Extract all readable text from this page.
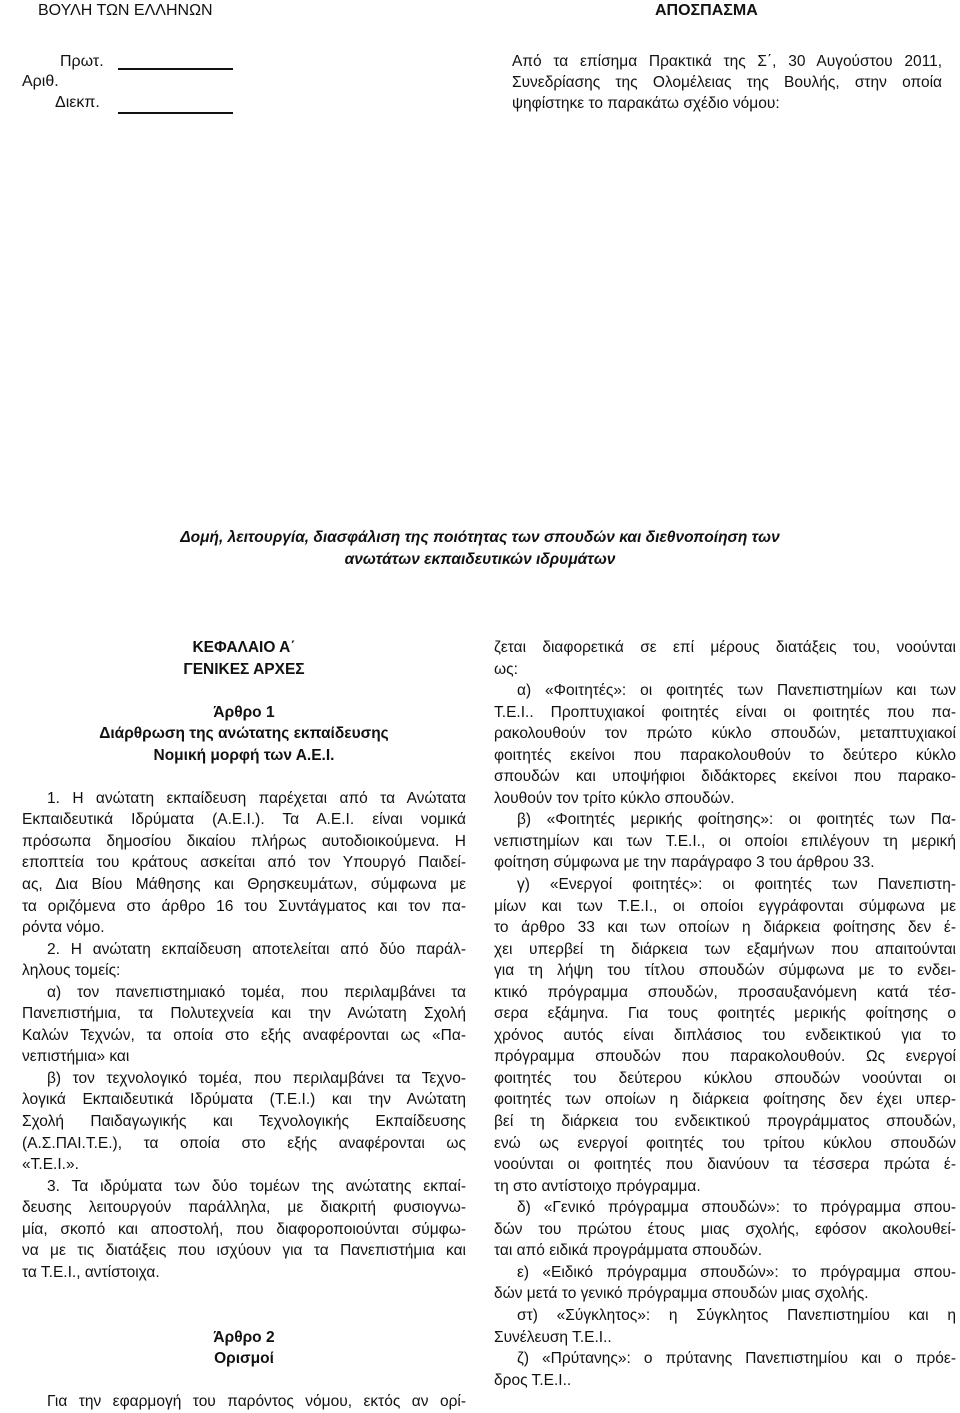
ΒΟΥΛΗ ΤΩΝ ΕΛΛΗΝΩΝ	ΑΠΟΣΠΑΣΜΑ
Πρωτ.
Αριθ.
Διεκπ.
Από τα επίσημα Πρακτικά της Σ΄, 30 Αυγούστου 2011,
Συνεδρίασης της Ολομέλειας της Βουλής, στην οποία
ψηφίστηκε το παρακάτω σχέδιο νόμου:
Δομή, λειτουργία, διασφάλιση της ποιότητας των σπουδών και διεθνοποίηση των
ανωτάτων εκπαιδευτικών ιδρυμάτων
ΚΕΦΑΛΑΙΟ Α΄
ΓΕΝΙΚΕΣ ΑΡΧΕΣ
Άρθρο 1
Διάρθρωση της ανώτατης εκπαίδευσης
Νομική μορφή των Α.Ε.Ι.
1. Η ανώτατη εκπαίδευση παρέχεται από τα Ανώτατα
Εκπαιδευτικά Ιδρύματα (Α.Ε.Ι.). Τα Α.Ε.Ι. είναι νομικά
πρόσωπα δημοσίου δικαίου πλήρως αυτοδιοικούμενα. Η
εποπτεία του κράτους ασκείται από τον Υπουργό Παιδεί-
ας, Δια Βίου Μάθησης και Θρησκευμάτων, σύμφωνα με
τα οριζόμενα στο άρθρο 16 του Συντάγματος και τον πα-
ρόντα νόμο.
2. Η ανώτατη εκπαίδευση αποτελείται από δύο παράλ-
ληλους τομείς:
α) τον πανεπιστημιακό τομέα, που περιλαμβάνει τα
Πανεπιστήμια, τα Πολυτεχνεία και την Ανώτατη Σχολή
Καλών Τεχνών, τα οποία στο εξής αναφέρονται ως «Πα-
νεπιστήμια» και
β) τον τεχνολογικό τομέα, που περιλαμβάνει τα Τεχνο-
λογικά Εκπαιδευτικά Ιδρύματα (Τ.Ε.Ι.) και την Ανώτατη
Σχολή Παιδαγωγικής και Τεχνολογικής Εκπαίδευσης
(Α.Σ.ΠΑΙ.Τ.Ε.), τα οποία στο εξής αναφέρονται ως
«Τ.Ε.Ι.».
3. Τα ιδρύματα των δύο τομέων της ανώτατης εκπαί-
δευσης λειτουργούν παράλληλα, με διακριτή φυσιογνω-
μία, σκοπό και αποστολή, που διαφοροποιούνται σύμφω-
να με τις διατάξεις που ισχύουν για τα Πανεπιστήμια και
τα Τ.Ε.Ι., αντίστοιχα.
Άρθρο 2
Ορισμοί
Για την εφαρμογή του παρόντος νόμου, εκτός αν ορί-
ζεται διαφορετικά σε επί μέρους διατάξεις του, νοούνται
ως:
α) «Φοιτητές»: οι φοιτητές των Πανεπιστημίων και των
Τ.Ε.Ι.. Προπτυχιακοί φοιτητές είναι οι φοιτητές που πα-
ρακολουθούν τον πρώτο κύκλο σπουδών, μεταπτυχιακοί
φοιτητές εκείνοι που παρακολουθούν το δεύτερο κύκλο
σπουδών και υποψήφιοι διδάκτορες εκείνοι που παρακο-
λουθούν τον τρίτο κύκλο σπουδών.
β) «Φοιτητές μερικής φοίτησης»: οι φοιτητές των Πα-
νεπιστημίων και των Τ.Ε.Ι., οι οποίοι επιλέγουν τη μερική
φοίτηση σύμφωνα με την παράγραφο 3 του άρθρου 33.
γ) «Ενεργοί φοιτητές»: οι φοιτητές των Πανεπιστη-
μίων και των Τ.Ε.Ι., οι οποίοι εγγράφονται σύμφωνα με
το άρθρο 33 και των οποίων η διάρκεια φοίτησης δεν έ-
χει υπερβεί τη διάρκεια των εξαμήνων που απαιτούνται
για τη λήψη του τίτλου σπουδών σύμφωνα με το ενδει-
κτικό πρόγραμμα σπουδών, προσαυξανόμενη κατά τέσ-
σερα εξάμηνα. Για τους φοιτητές μερικής φοίτησης ο
χρόνος αυτός είναι διπλάσιος του ενδεικτικού για το
πρόγραμμα σπουδών που παρακολουθούν. Ως ενεργοί
φοιτητές του δεύτερου κύκλου σπουδών νοούνται οι
φοιτητές των οποίων η διάρκεια φοίτησης δεν έχει υπερ-
βεί τη διάρκεια του ενδεικτικού προγράμματος σπουδών,
ενώ ως ενεργοί φοιτητές του τρίτου κύκλου σπουδών
νοούνται οι φοιτητές που διανύουν τα τέσσερα πρώτα έ-
τη στο αντίστοιχο πρόγραμμα.
δ) «Γενικό πρόγραμμα σπουδών»: το πρόγραμμα σπου-
δών του πρώτου έτους μιας σχολής, εφόσον ακολουθεί-
ται από ειδικά προγράμματα σπουδών.
ε) «Ειδικό πρόγραμμα σπουδών»: το πρόγραμμα σπου-
δών μετά το γενικό πρόγραμμα σπουδών μιας σχολής.
στ) «Σύγκλητος»: η Σύγκλητος Πανεπιστημίου και η
Συνέλευση Τ.Ε.Ι..
ζ) «Πρύτανης»: ο πρύτανης Πανεπιστημίου και ο πρόε-
δρος Τ.Ε.Ι..
